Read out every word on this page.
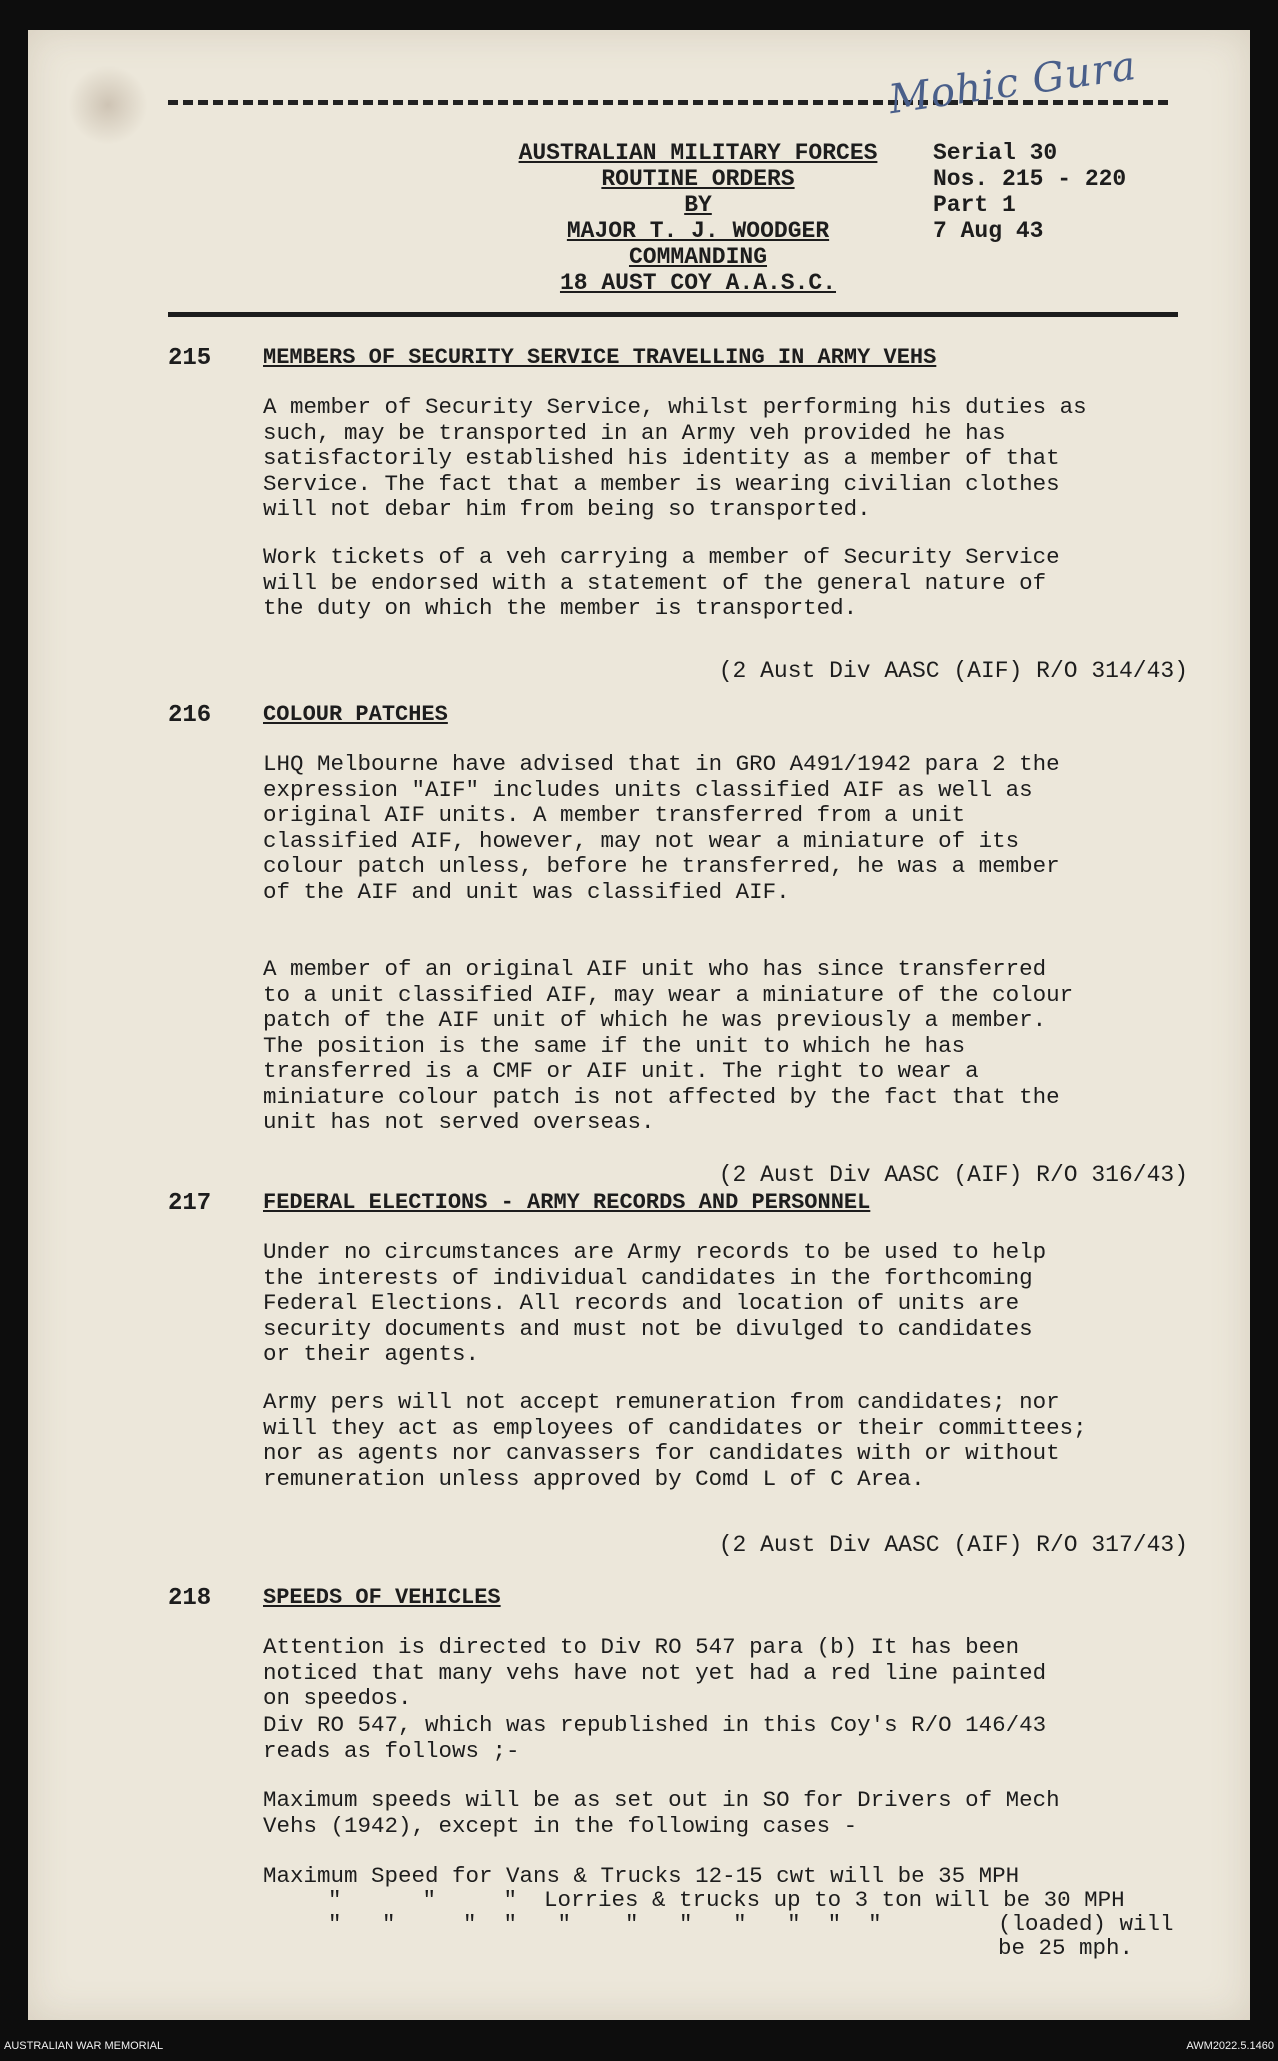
Mohic Gura
AUSTRALIAN MILITARY FORCES
ROUTINE ORDERS
BY
MAJOR T. J. WOODGER
COMMANDING
18 AUST COY A.A.S.C.
Serial 30
Nos. 215 - 220
Part 1
7 Aug 43
215 MEMBERS OF SECURITY SERVICE TRAVELLING IN ARMY VEHS
A member of Security Service, whilst performing his duties as
such, may be transported in an Army veh provided he has
satisfactorily established his identity as a member of that
Service. The fact that a member is wearing civilian clothes
will not debar him from being so transported.
Work tickets of a veh carrying a member of Security Service
will be endorsed with a statement of the general nature of
the duty on which the member is transported.
(2 Aust Div AASC (AIF) R/O 314/43)
216 COLOUR PATCHES
LHQ Melbourne have advised that in GRO A491/1942 para 2 the
expression "AIF" includes units classified AIF as well as
original AIF units. A member transferred from a unit
classified AIF, however, may not wear a miniature of its
colour patch unless, before he transferred, he was a member
of the AIF and unit was classified AIF.
A member of an original AIF unit who has since transferred
to a unit classified AIF, may wear a miniature of the colour
patch of the AIF unit of which he was previously a member.
The position is the same if the unit to which he has
transferred is a CMF or AIF unit. The right to wear a
miniature colour patch is not affected by the fact that the
unit has not served overseas.
(2 Aust Div AASC (AIF) R/O 316/43)
217 FEDERAL ELECTIONS - ARMY RECORDS AND PERSONNEL
Under no circumstances are Army records to be used to help
the interests of individual candidates in the forthcoming
Federal Elections. All records and location of units are
security documents and must not be divulged to candidates
or their agents.
Army pers will not accept remuneration from candidates; nor
will they act as employees of candidates or their committees;
nor as agents nor canvassers for candidates with or without
remuneration unless approved by Comd L of C Area.
(2 Aust Div AASC (AIF) R/O 317/43)
218 SPEEDS OF VEHICLES
Attention is directed to Div RO 547 para (b) It has been
noticed that many vehs have not yet had a red line painted
on speedos.
Div RO 547, which was republished in this Coy's R/O 146/43
reads as follows ;-
Maximum speeds will be as set out in SO for Drivers of Mech
Vehs (1942), except in the following cases -
Maximum Speed for Vans & Trucks 12-15 cwt will be 35 MPH
"      "     "  Lorries & trucks up to 3 ton will be 30 MPH
"   "     "  "   "    "   "   "   "  "  "	(loaded) will
be 25 mph.
AUSTRALIAN WAR MEMORIAL	AWM2022.5.1460
